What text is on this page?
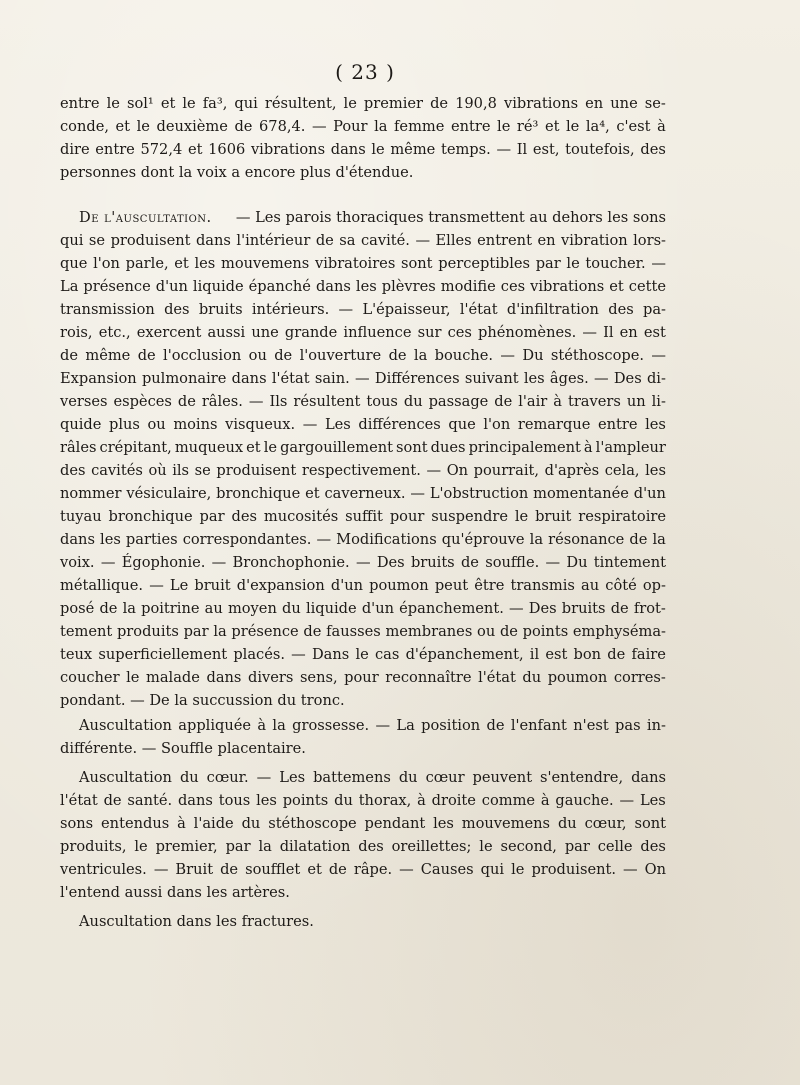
( 23 )
entre le sol¹ et le fa³, qui résultent, le premier de 190,8 vibrations en une se-
conde, et le deuxième de 678,4. — Pour la femme entre le ré³ et le la⁴, c'est à
dire entre 572,4 et 1606 vibrations dans le même temps. — Il est, toutefois, des
personnes dont la voix a encore plus d'étendue.
De l'auscultation. — Les parois thoraciques transmettent au dehors les sons
qui se produisent dans l'intérieur de sa cavité. — Elles entrent en vibration lors-
que l'on parle, et les mouvemens vibratoires sont perceptibles par le toucher. —
La présence d'un liquide épanché dans les plèvres modifie ces vibrations et cette
transmission des bruits intérieurs. — L'épaisseur, l'état d'infiltration des pa-
rois, etc., exercent aussi une grande influence sur ces phénomènes. — Il en est
de même de l'occlusion ou de l'ouverture de la bouche. — Du stéthoscope. —
Expansion pulmonaire dans l'état sain. — Différences suivant les âges. — Des di-
verses espèces de râles. — Ils résultent tous du passage de l'air à travers un li-
quide plus ou moins visqueux. — Les différences que l'on remarque entre les
râles crépitant, muqueux et le gargouillement sont dues principalement à l'ampleur
des cavités où ils se produisent respectivement. — On pourrait, d'après cela, les
nommer vésiculaire, bronchique et caverneux. — L'obstruction momentanée d'un
tuyau bronchique par des mucosités suffit pour suspendre le bruit respiratoire
dans les parties correspondantes. — Modifications qu'éprouve la résonance de la
voix. — Égophonie. — Bronchophonie. — Des bruits de souffle. — Du tintement
métallique. — Le bruit d'expansion d'un poumon peut être transmis au côté op-
posé de la poitrine au moyen du liquide d'un épanchement. — Des bruits de frot-
tement produits par la présence de fausses membranes ou de points emphyséma-
teux superficiellement placés. — Dans le cas d'épanchement, il est bon de faire
coucher le malade dans divers sens, pour reconnaître l'état du poumon corres-
pondant. — De la succussion du tronc.
Auscultation appliquée à la grossesse. — La position de l'enfant n'est pas in-
différente. — Souffle placentaire.
Auscultation du cœur. — Les battemens du cœur peuvent s'entendre, dans
l'état de santé. dans tous les points du thorax, à droite comme à gauche. — Les
sons entendus à l'aide du stéthoscope pendant les mouvemens du cœur, sont
produits, le premier, par la dilatation des oreillettes; le second, par celle des
ventricules. — Bruit de soufflet et de râpe. — Causes qui le produisent. — On
l'entend aussi dans les artères.
Auscultation dans les fractures.
